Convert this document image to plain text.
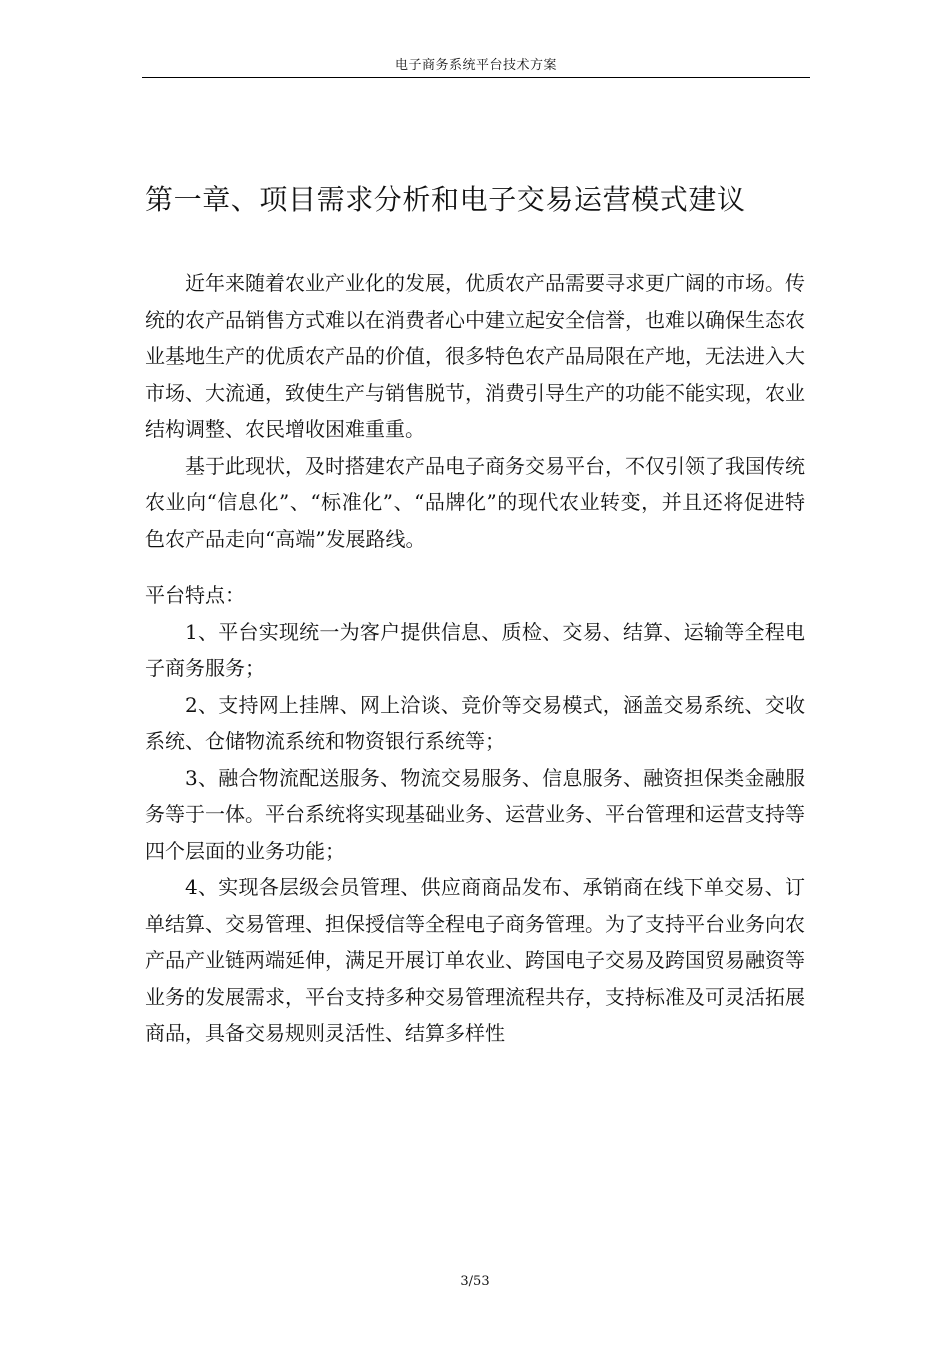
电子商务系统平台技术方案
第一章、项目需求分析和电子交易运营模式建议

近年来随着农业产业化的发展，优质农产品需要寻求更广阔的市场。传统的农产品销售方式难以在消费者心中建立起安全信誉，也难以确保生态农业基地生产的优质农产品的价值，很多特色农产品局限在产地，无法进入大市场、大流通，致使生产与销售脱节，消费引导生产的功能不能实现，农业结构调整、农民增收困难重重。

基于此现状，及时搭建农产品电子商务交易平台，不仅引领了我国传统农业向“信息化”、“标准化”、“品牌化”的现代农业转变，并且还将促进特色农产品走向“高端”发展路线。

平台特点：

1、平台实现统一为客户提供信息、质检、交易、结算、运输等全程电子商务服务；

2、支持网上挂牌、网上洽谈、竞价等交易模式，涵盖交易系统、交收系统、仓储物流系统和物资银行系统等；

3、融合物流配送服务、物流交易服务、信息服务、融资担保类金融服务等于一体。平台系统将实现基础业务、运营业务、平台管理和运营支持等四个层面的业务功能；

4、实现各层级会员管理、供应商商品发布、承销商在线下单交易、订单结算、交易管理、担保授信等全程电子商务管理。为了支持平台业务向农产品产业链两端延伸，满足开展订单农业、跨国电子交易及跨国贸易融资等业务的发展需求，平台支持多种交易管理流程共存，支持标准及可灵活拓展商品，具备交易规则灵活性、结算多样性

3/53
